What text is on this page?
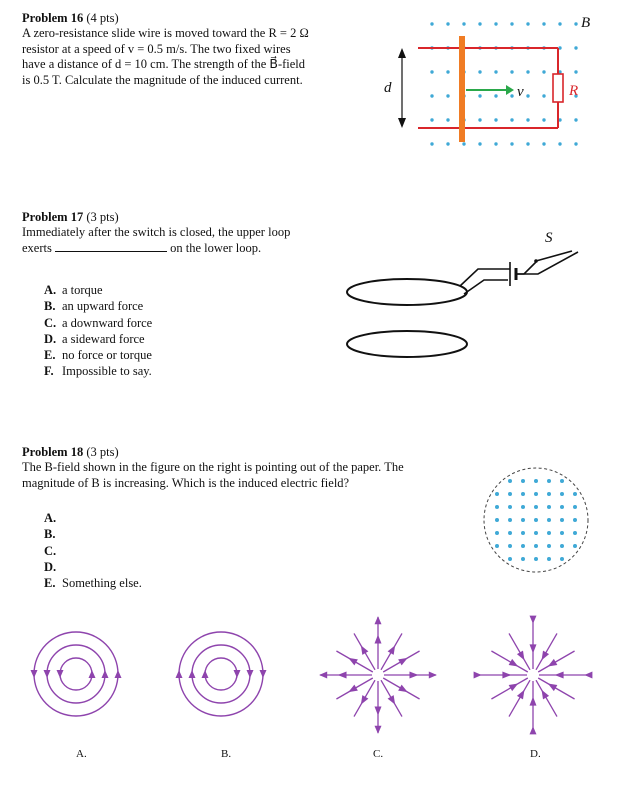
Problem 16 (4 pts)
A zero-resistance slide wire is moved toward the R = 2 Ω
resistor at a speed of v = 0.5 m/s. The two fixed wires
have a distance of d = 10 cm. The strength of the B⃗-field
is 0.5 T. Calculate the magnitude of the induced current.
d	v⃗ R
B⃗
Problem 17 (3 pts)
Immediately after the switch is closed, the upper loop
exerts	on the lower loop.
A. a torque
B. an upward force
C. a downward force
D. a sideward force
E. no force or torque
F. Impossible to say.
S
Problem 18 (3 pts)
The B-field shown in the figure on the right is pointing out of the paper. The
magnitude of B is increasing. Which is the induced electric field?
A.
B.
C.
D.
E. Something else.
A.	B.	C.	D.
